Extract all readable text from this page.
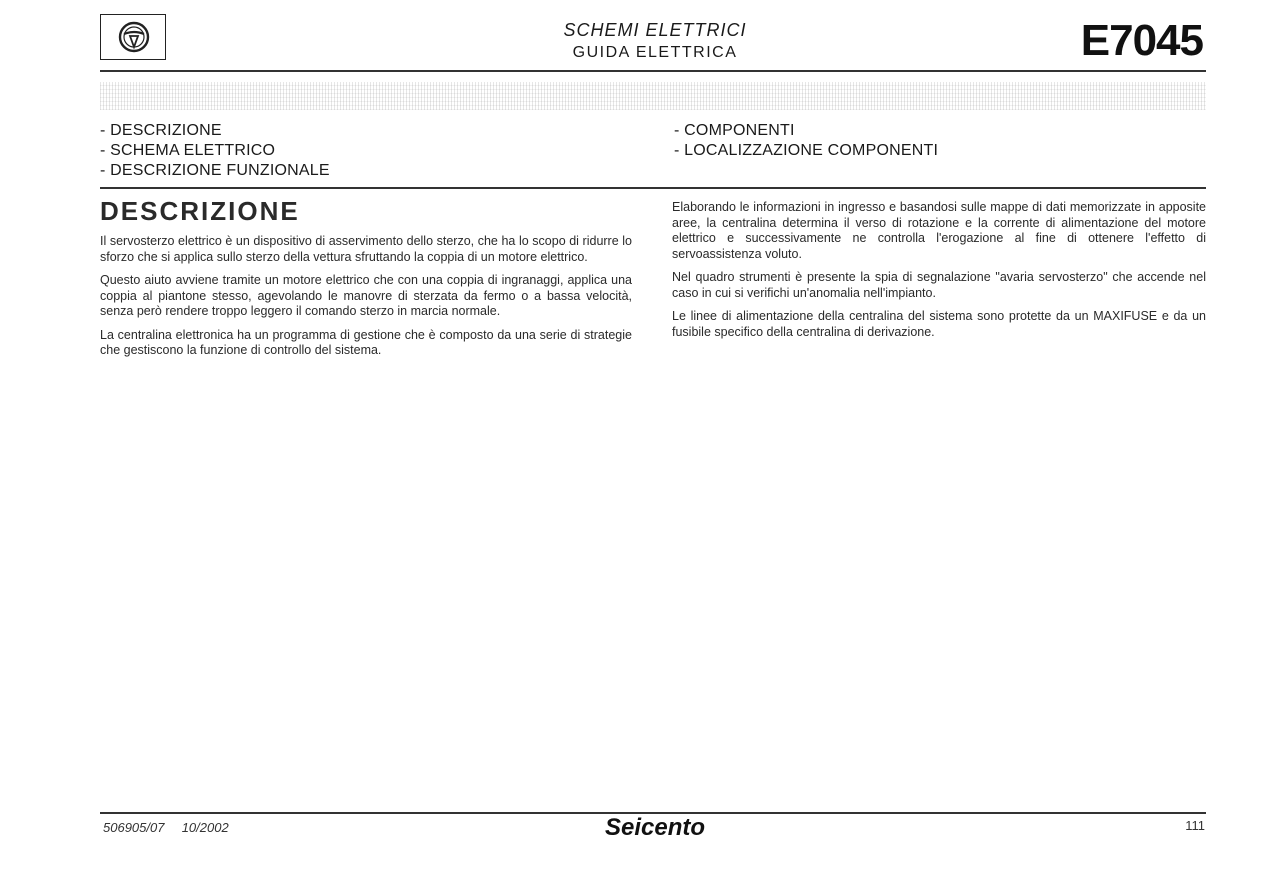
SCHEMI ELETTRICI
GUIDA ELETTRICA	E7045
- DESCRIZIONE
- SCHEMA ELETTRICO
- DESCRIZIONE FUNZIONALE
- COMPONENTI
- LOCALIZZAZIONE COMPONENTI
DESCRIZIONE

Il servosterzo elettrico è un dispositivo di asservimento dello sterzo, che ha lo scopo di ridurre lo sforzo che si applica sullo sterzo della vettura sfruttando la coppia di un motore elettrico.

Questo aiuto avviene tramite un motore elettrico che con una coppia di ingranaggi, applica una coppia al piantone stesso, agevolando le manovre di sterzata da fermo o a bassa velocità, senza però rendere troppo leggero il comando sterzo in marcia normale.

La centralina elettronica ha un programma di gestione che è composto da una serie di strategie che gestiscono la funzione di controllo del sistema.

Elaborando le informazioni in ingresso e basandosi sulle mappe di dati memorizzate in apposite aree, la centralina determina il verso di rotazione e la corrente di alimentazione del motore elettrico e successivamente ne controlla l'erogazione al fine di ottenere l'effetto di servoassistenza voluto.

Nel quadro strumenti è presente la spia di segnalazione "avaria servosterzo" che accende nel caso in cui si verifichi un'anomalia nell'impianto.

Le linee di alimentazione della centralina del sistema sono protette da un MAXIFUSE e da un fusibile specifico della centralina di derivazione.

506905/07 10/2002	Seicento	111
